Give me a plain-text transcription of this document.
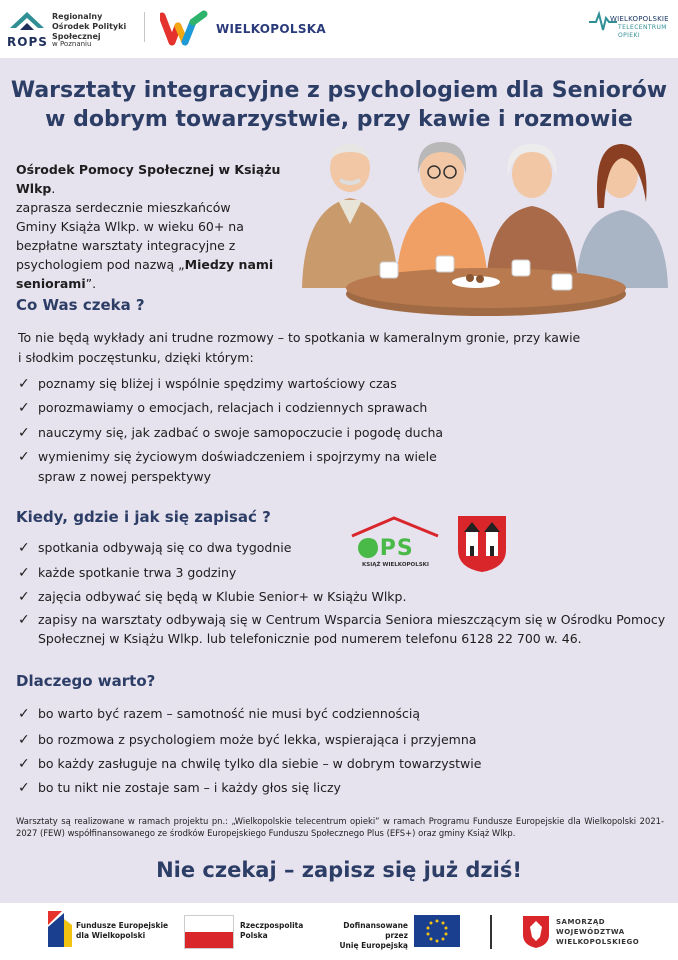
ROPS
Regionalny Ośrodek Polityki Społecznej
w Poznaniu
WIELKOPOLSKA
WIELKOPOLSKIE
TELECENTRUM
OPIEKI
Warsztaty integracyjne z psychologiem dla Seniorów
w dobrym towarzystwie, przy kawie i rozmowie
Ośrodek Pomocy Społecznej w Książu Wlkp.
zaprasza serdecznie mieszkańców
Gminy Książa Wlkp. w wieku 60+ na
bezpłatne warsztaty integracyjne z
psychologiem pod nazwą „Miedzy nami
seniorami”.
Co Was czeka ?
To nie będą wykłady ani trudne rozmowy – to spotkania w kameralnym gronie, przy kawie
i słodkim poczęstunku, dzięki którym:
✓ poznamy się bliżej i wspólnie spędzimy wartościowy czas
✓ porozmawiamy o emocjach, relacjach i codziennych sprawach
✓ nauczymy się, jak zadbać o swoje samopoczucie i pogodę ducha
✓ wymienimy się życiowym doświadczeniem i spojrzymy na wiele
spraw z nowej perspektywy
Kiedy, gdzie i jak się zapisać ?
✓ spotkania odbywają się co dwa tygodnie
✓ każde spotkanie trwa 3 godziny
✓ zajęcia odbywać się będą w Klubie Senior+ w Książu Wlkp.
✓ zapisy na warsztaty odbywają się w Centrum Wsparcia Seniora mieszczącym się w Ośrodku Pomocy
Społecznej w Książu Wlkp. lub telefonicznie pod numerem telefonu 6128 22 700 w. 46.
OPS
KSIĄŻ WIELKOPOLSKI
Dlaczego warto?
✓ bo warto być razem – samotność nie musi być codziennością
✓ bo rozmowa z psychologiem może być lekka, wspierająca i przyjemna
✓ bo każdy zasługuje na chwilę tylko dla siebie – w dobrym towarzystwie
✓ bo tu nikt nie zostaje sam – i każdy głos się liczy
Warsztaty są realizowane w ramach projektu pn.: „Wielkopolskie telecentrum opieki” w ramach Programu Fundusze Europejskie dla Wielkopolski 2021-2027 (FEW) współfinansowanego ze środków Europejskiego Funduszu Społecznego Plus (EFS+) oraz gminy Książ Wlkp.
Nie czekaj – zapisz się już dziś!
Fundusze Europejskie
dla Wielkopolski
Rzeczpospolita
Polska
Dofinansowane przez
Unię Europejską
SAMORZĄD
WOJEWÓDZTWA
WIELKOPOLSKIEGO
